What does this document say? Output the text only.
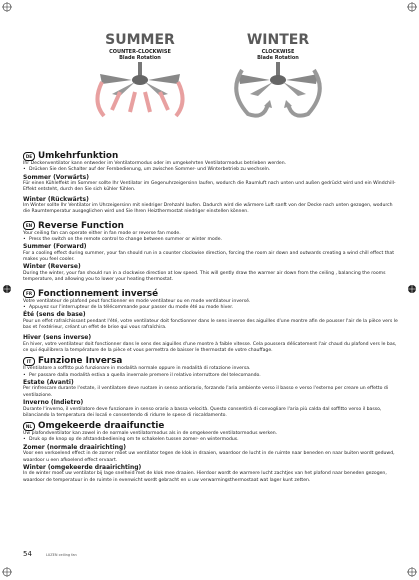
SUMMER
COUNTER-CLOCKWISE
Blade Rotation
WINTER
CLOCKWISE
Blade Rotation
DE Umkehrfunktion

Ihr Deckenventilator kann entweder im Ventilatormodus oder im umgekehrten Ventilatormodus betrieben werden.

• Drücken Sie den Schalter auf der Fernbedienung, um zwischen Sommer- und Winterbetrieb zu wechseln.

Sommer (Vorwärts)

Für einen Kühleffekt im Sommer sollte Ihr Ventilator im Gegenuhrzeigersinn laufen, wodurch die Raumluft nach unten und außen gedrückt wird und ein Windchill-Effekt entsteht, durch den Sie sich kühler fühlen.

Winter (Rückwärts)

Im Winter sollte Ihr Ventilator im Uhrzeigersinn mit niedriger Drehzahl laufen. Dadurch wird die wärmere Luft sanft von der Decke nach unten gezogen, wodurch die Raumtemperatur ausgeglichen wird und Sie Ihren Heizthermostat niedriger einstellen können.

EN Reverse Function

Your ceiling fan can operate either in fan mode or reverse fan mode.

• Press the switch on the remote control to change between summer or winter mode.

Summer (Forward)

For a cooling effect during summer, your fan should run in a counter clockwise direction, forcing the room air down and outwards creating a wind chill effect that makes you feel cooler.

Winter (Reverse)

During the winter, your fan should run in a clockwise direction at low speed. This will gently draw the warmer air down from the ceiling , balancing the rooms temperature, and allowing you to lower your heating thermostat.

FR Fonctionnement inversé

Votre ventilateur de plafond peut fonctionner en mode ventilateur ou en mode ventilateur inversé.

• Appuyez sur l'interrupteur de la télécommande pour passer du mode été au mode hiver.

Été (sens de base)

Pour un effet rafraîchissant pendant l'été, votre ventilateur doit fonctionner dans le sens inverse des aiguilles d'une montre afin de pousser l'air de la pièce vers le bas et l'extérieur, créant un effet de brise qui vous rafraîchira.

Hiver (sens inverse)

En hiver, votre ventilateur doit fonctionner dans le sens des aiguilles d'une montre à faible vitesse. Cela poussera délicatement l'air chaud du plafond vers le bas, ce qui équilibrera la température de la pièce et vous permettra de baisser le thermostat de votre chauffage.

IT Funzione Inversa

Il ventilatore a soffitto può funzionare in modalità normale oppure in modalità di rotazione inversa.

• Per passare dalla modalità estiva a quella invernale premere il relativo interruttore del telecomando.

Estate (Avanti)

Per rinfrescare durante l'estate, il ventilatore deve ruotare in senso antiorario, forzando l'aria ambiente verso il basso e verso l'esterno per creare un effetto di ventilazione.

Inverno (Indietro)

Durante l'inverno, il ventilatore deve funzionare in senso orario a bassa velocità. Questo consentirà di convogliare l'aria più calda dal soffitto verso il basso, bilanciando la temperatura dei locali e consentendo di ridurre le spese di riscaldamento.

NL Omgekeerde draaifunctie

Uw plafondventilator kan zowel in de normale ventilatormodus als in de omgekeerde ventilatormodus werken.

• Druk op de knop op de afstandsbediening om te schakelen tussen zomer- en wintermodus.

Zomer (normale draairichting)

Voor een verkoelend effect in de zomer moet uw ventilator tegen de klok in draaien, waardoor de lucht in de ruimte naar beneden en naar buiten wordt geduwd, waardoor u een afkoelend effect ervaart.

Winter (omgekeerde draairichting)

In de winter moet uw ventilator bij lage snelheid met de klok mee draaien. Hierdoor wordt de warmere lucht zachtjes van het plafond naar beneden gezogen, waardoor de temperatuur in de ruimte in evenwicht wordt gebracht en u uw verwarmingsthermostaat wat lager kunt zetten.

54	LUZEN ceiling fan
